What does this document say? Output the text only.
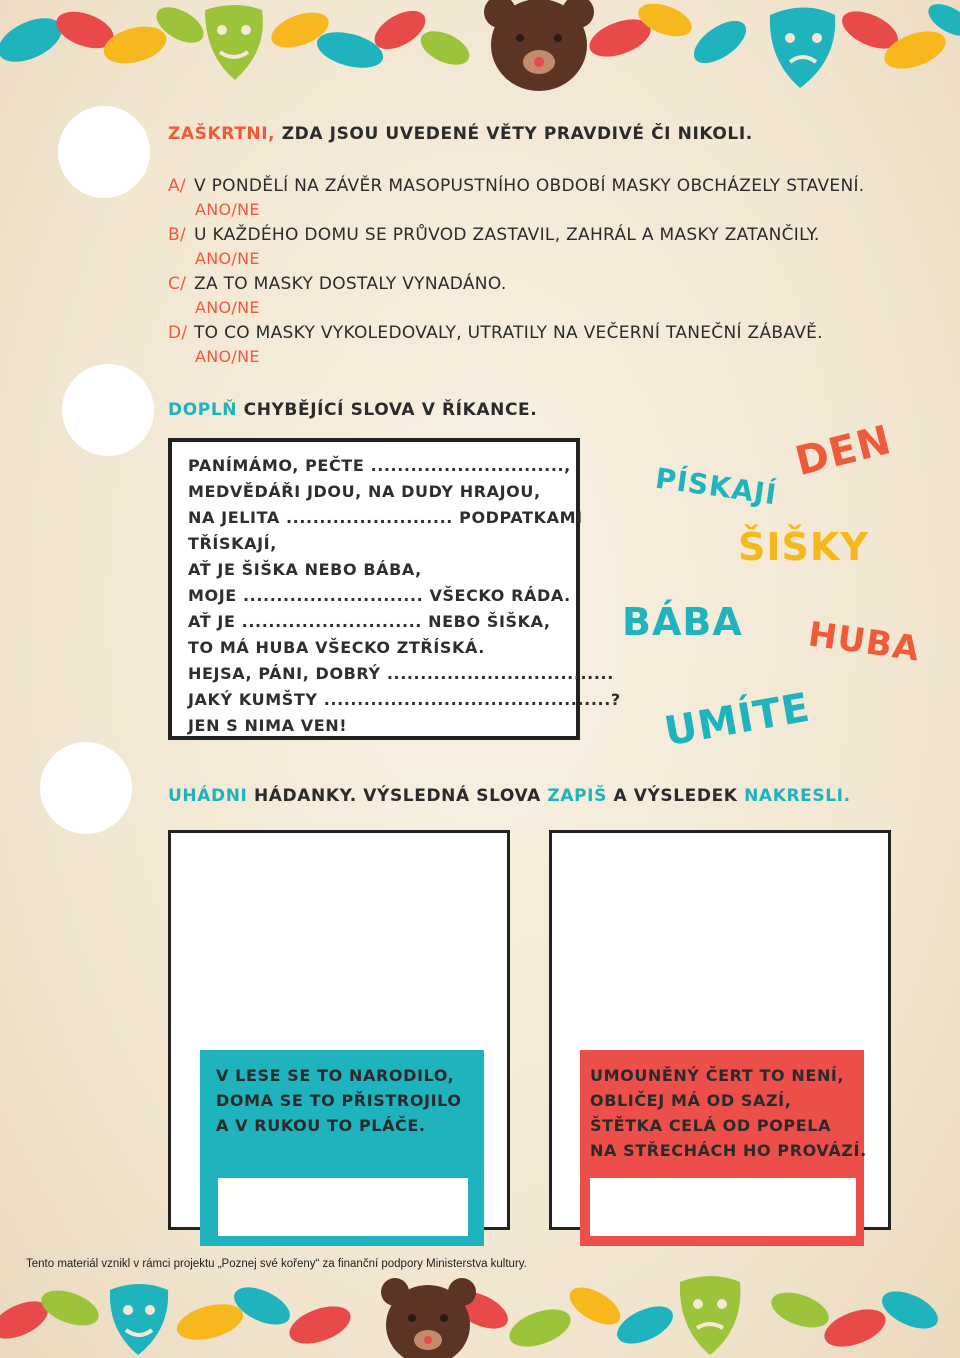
ZAŠKRTNI, ZDA JSOU UVEDENÉ VĚTY PRAVDIVÉ ČI NIKOLI.
A/ V PONDĚLÍ NA ZÁVĚR MASOPUSTNÍHO OBDOBÍ MASKY OBCHÁZELY STAVENÍ.
ANO/NE
B/ U KAŽDÉHO DOMU SE PRŮVOD ZASTAVIL, ZAHRÁL A MASKY ZATANČILY.
ANO/NE
C/ ZA TO MASKY DOSTALY VYNADÁNO.
ANO/NE
D/ TO CO MASKY VYKOLEDOVALY, UTRATILY NA VEČERNÍ TANEČNÍ ZÁBAVĚ.
ANO/NE
DOPLŇ CHYBĚJÍCÍ SLOVA V ŘÍKANCE.
PANÍMÁMO, PEČTE .............................,
MEDVĚDÁŘI JDOU, NA DUDY HRAJOU,
NA JELITA ......................... PODPATKAMI
TŘÍSKAJÍ,
AŤ JE ŠIŠKA NEBO BÁBA,
MOJE ........................... VŠECKO RÁDA.
AŤ JE ........................... NEBO ŠIŠKA,
TO MÁ HUBA VŠECKO ZTŘÍSKÁ.
HEJSA, PÁNI, DOBRÝ ..................................
JAKÝ KUMŠTY ...........................................?
JEN S NIMA VEN!
PÍSKAJÍ
DEN
ŠIŠKY
BÁBA HUBA
UMÍTE
UHÁDNI HÁDANKY. VÝSLEDNÁ SLOVA ZAPIŠ A VÝSLEDEK NAKRESLI.
V LESE SE TO NARODILO,
DOMA SE TO PŘISTROJILO
A V RUKOU TO PLÁČE.
UMOUNĚNÝ ČERT TO NENÍ,
OBLIČEJ MÁ OD SAZÍ,
ŠTĚTKA CELÁ OD POPELA
NA STŘECHÁCH HO PROVÁZÍ.
Tento materiál vznikl v rámci projektu „Poznej své kořeny“ za finanční podpory Ministerstva kultury.
